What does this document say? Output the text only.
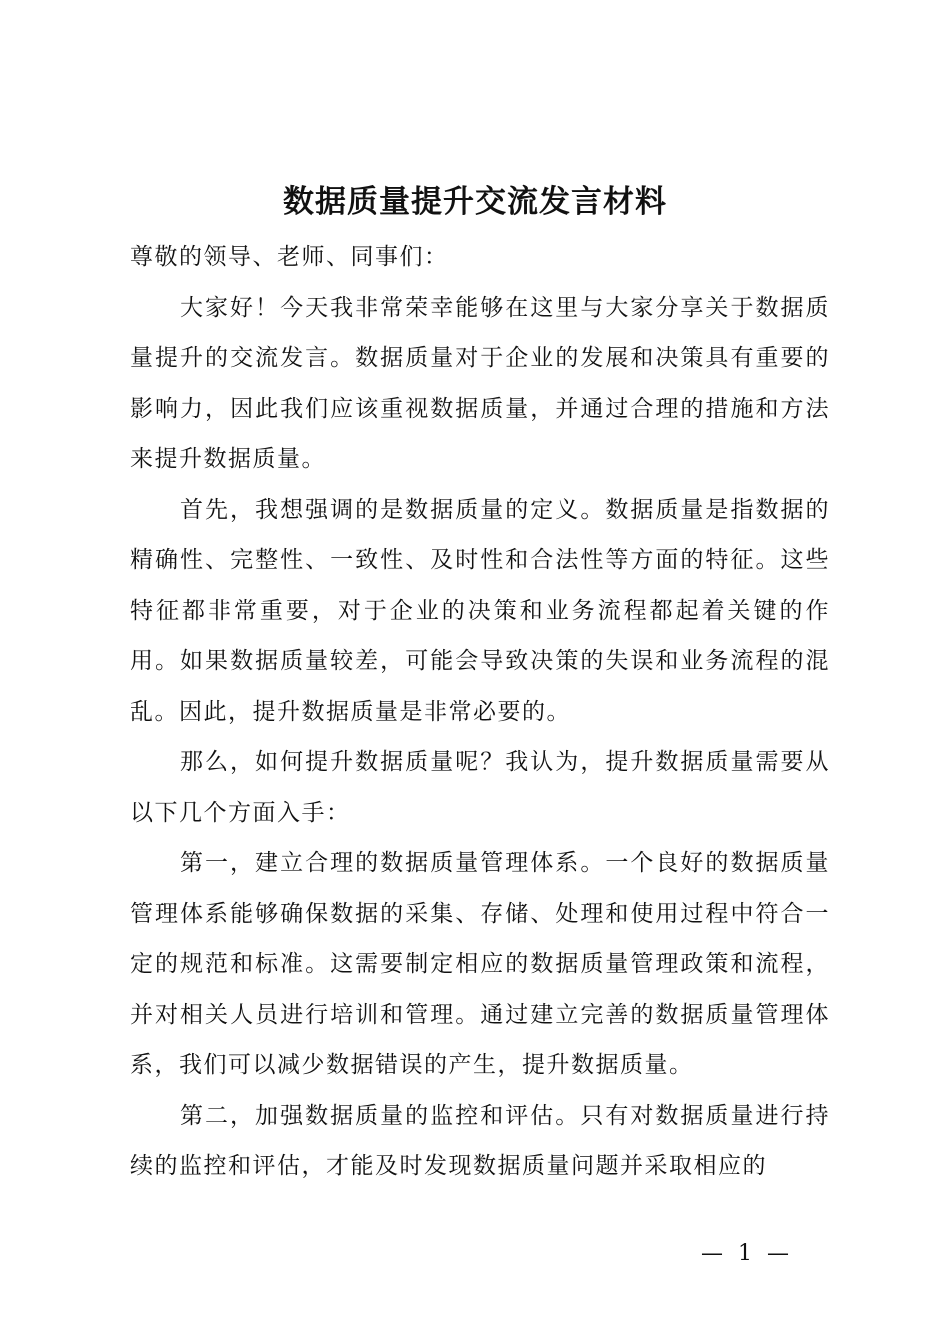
数据质量提升交流发言材料

尊敬的领导、老师、同事们：

大家好！今天我非常荣幸能够在这里与大家分享关于数据质量提升的交流发言。数据质量对于企业的发展和决策具有重要的影响力，因此我们应该重视数据质量，并通过合理的措施和方法来提升数据质量。

首先，我想强调的是数据质量的定义。数据质量是指数据的精确性、完整性、一致性、及时性和合法性等方面的特征。这些特征都非常重要，对于企业的决策和业务流程都起着关键的作用。如果数据质量较差，可能会导致决策的失误和业务流程的混乱。因此，提升数据质量是非常必要的。

那么，如何提升数据质量呢？我认为，提升数据质量需要从以下几个方面入手：

第一，建立合理的数据质量管理体系。一个良好的数据质量管理体系能够确保数据的采集、存储、处理和使用过程中符合一定的规范和标准。这需要制定相应的数据质量管理政策和流程，并对相关人员进行培训和管理。通过建立完善的数据质量管理体系，我们可以减少数据错误的产生，提升数据质量。

第二，加强数据质量的监控和评估。只有对数据质量进行持续的监控和评估，才能及时发现数据质量问题并采取相应的

— 1 —
